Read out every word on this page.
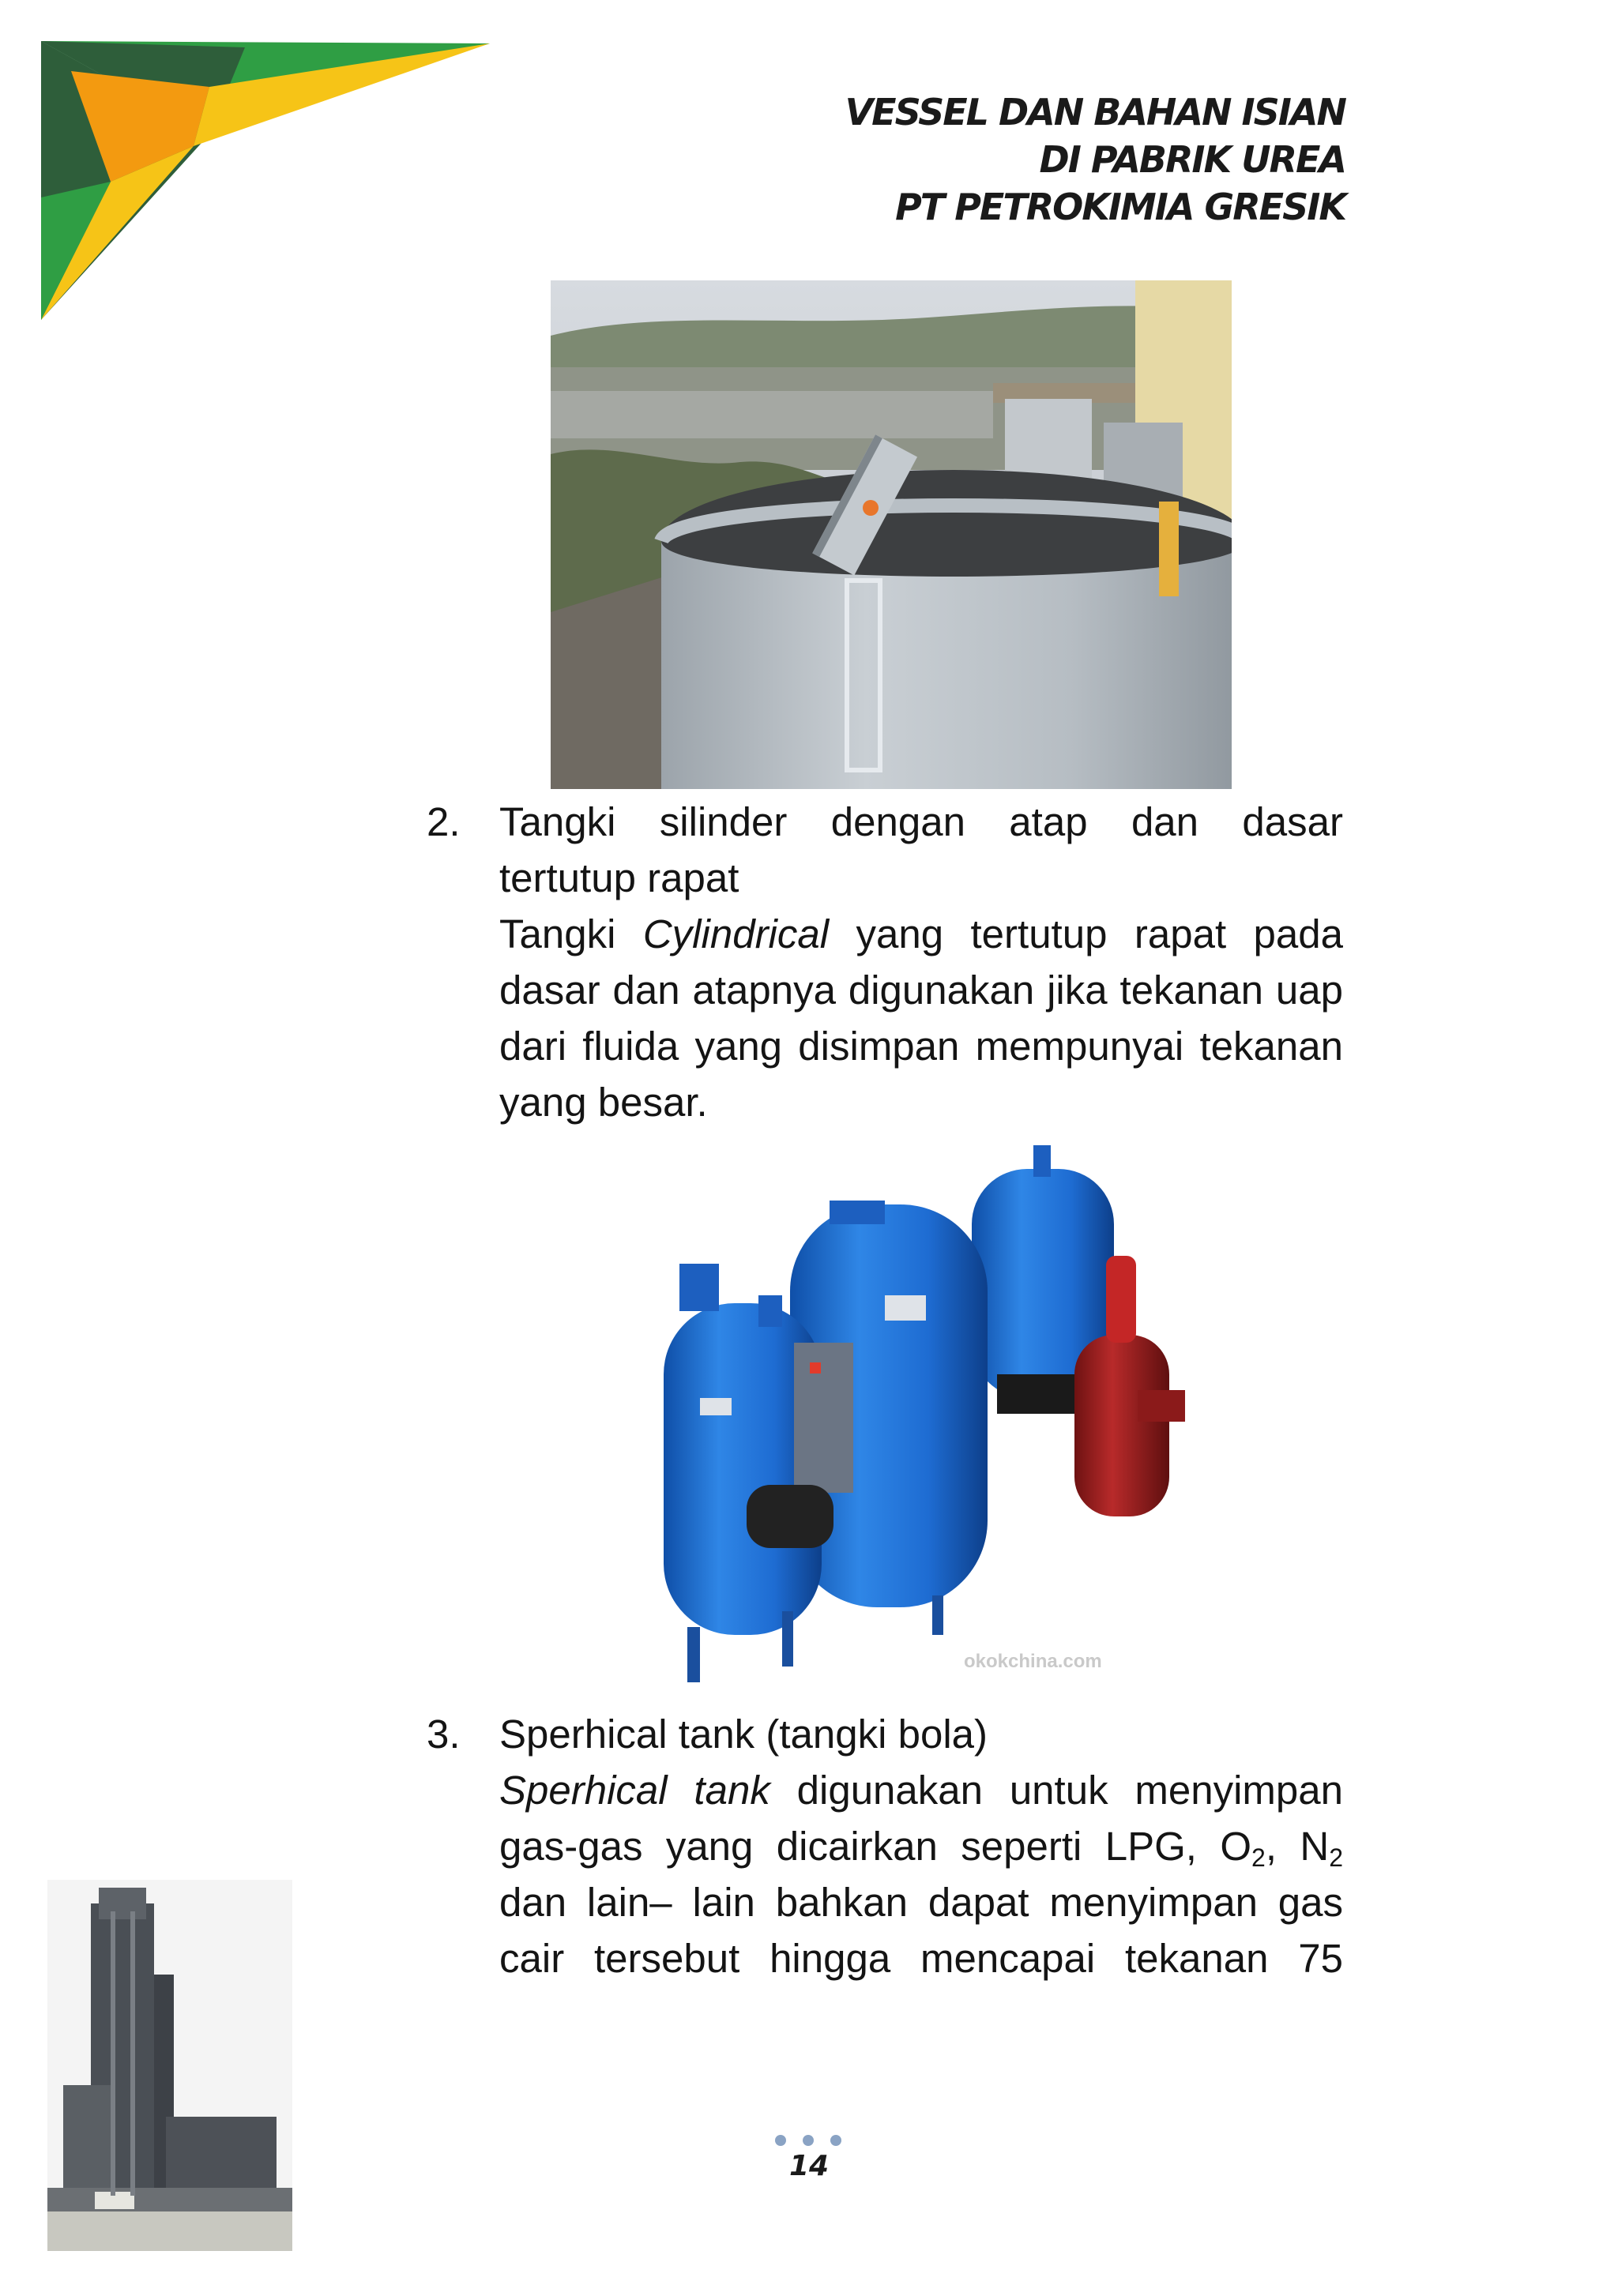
VESSEL DAN BAHAN ISIAN
DI PABRIK UREA
PT PETROKIMIA GRESIK
2. Tangki silinder dengan atap dan dasar
tertutup rapat
Tangki Cylindrical yang tertutup rapat pada dasar dan atapnya digunakan jika tekanan uap dari fluida yang disimpan mempunyai tekanan yang besar.
okokchina.com
3. Sperhical tank (tangki bola)
Sperhical tank digunakan untuk menyimpan gas-gas yang dicairkan seperti LPG, $O_2$, $N_2$ dan lain– lain bahkan dapat menyimpan gas cair tersebut hingga mencapai tekanan 75
14
